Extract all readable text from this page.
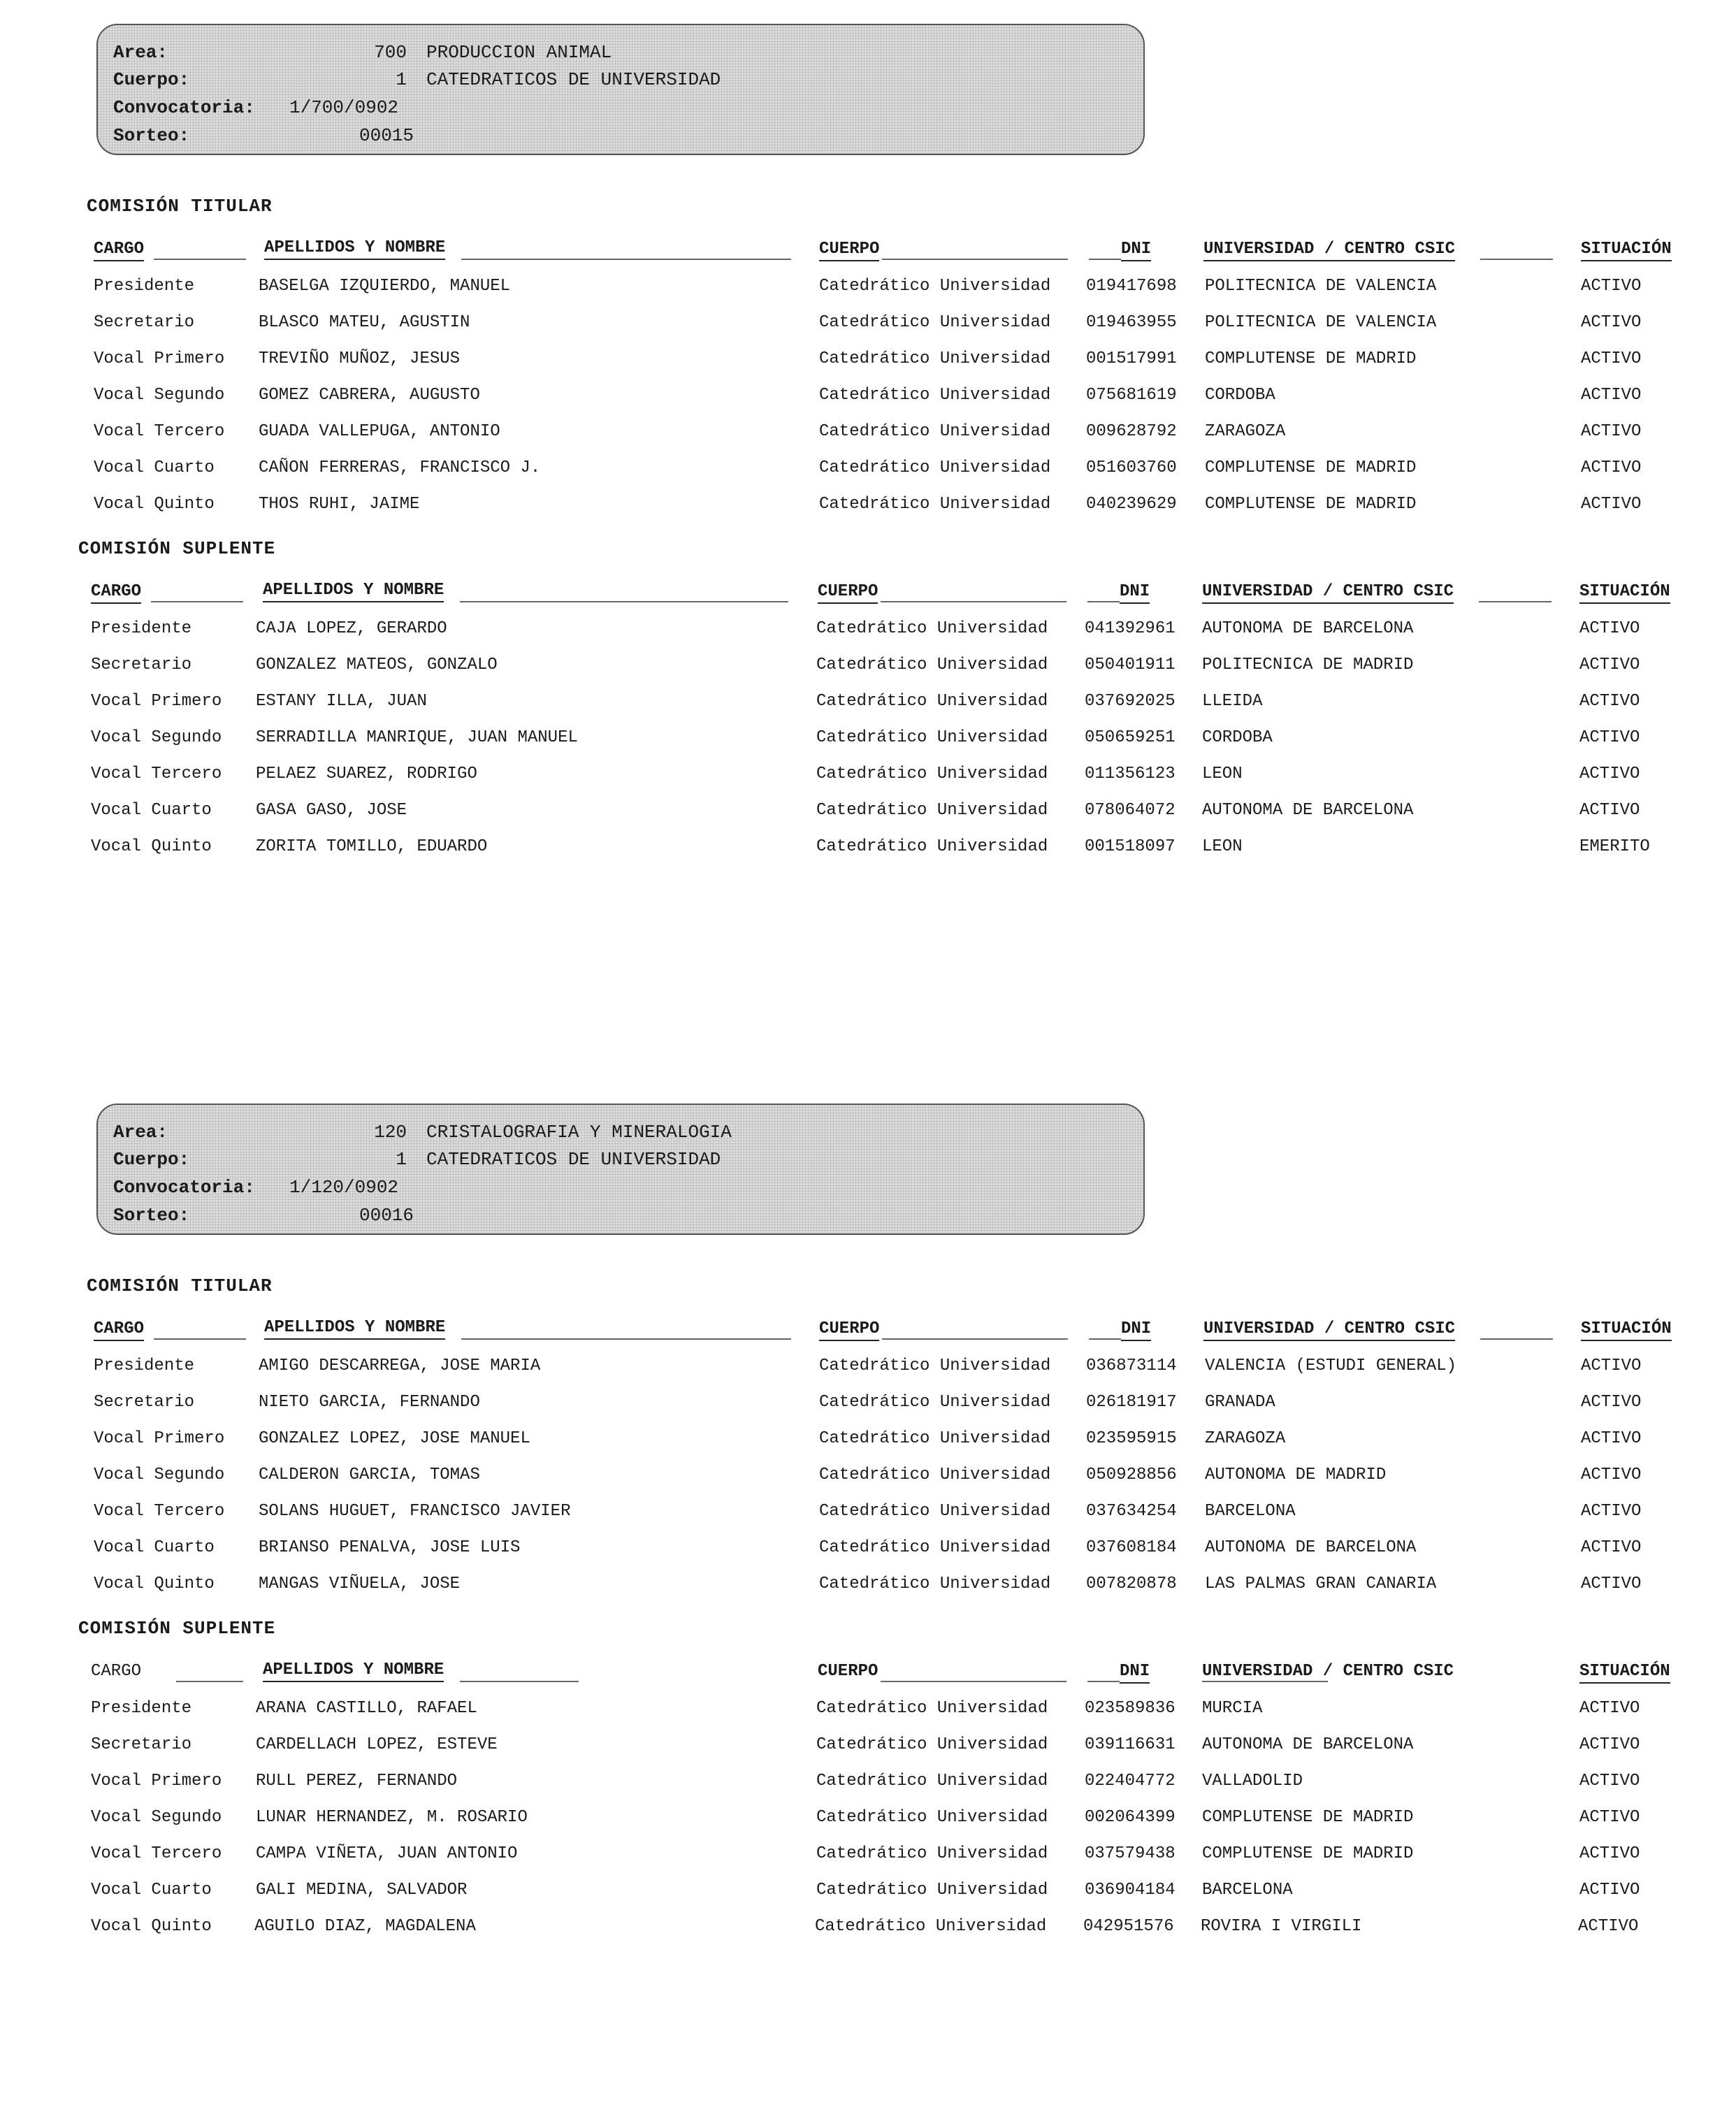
Area:

	700

PRODUCCION ANIMAL

Cuerpo:

	1

CATEDRATICOS DE UNIVERSIDAD

Convocatoria:

1/700/0902

Sorteo:

	00015

COMISIÓN TITULAR
CARGO	APELLIDOS Y NOMBRE	CUERPO	DNI	UNIVERSIDAD / CENTRO CSIC	SITUACIÓN
Presidente	BASELGA IZQUIERDO, MANUEL	Catedrático Universidad 019417698 POLITECNICA DE VALENCIA	ACTIVO
Secretario	BLASCO MATEU, AGUSTIN	Catedrático Universidad 019463955 POLITECNICA DE VALENCIA	ACTIVO
Vocal Primero TREVIÑO MUÑOZ, JESUS	Catedrático Universidad 001517991 COMPLUTENSE DE MADRID	ACTIVO
Vocal Segundo GOMEZ CABRERA, AUGUSTO	Catedrático Universidad 075681619 CORDOBA	ACTIVO
Vocal Tercero GUADA VALLEPUGA, ANTONIO	Catedrático Universidad 009628792 ZARAGOZA	ACTIVO
Vocal Cuarto	CAÑON FERRERAS, FRANCISCO J.	Catedrático Universidad 051603760 COMPLUTENSE DE MADRID	ACTIVO
Vocal Quinto	THOS RUHI, JAIME	Catedrático Universidad 040239629 COMPLUTENSE DE MADRID	ACTIVO
COMISIÓN SUPLENTE
CARGO	APELLIDOS Y NOMBRE	CUERPO	DNI	UNIVERSIDAD / CENTRO CSIC	SITUACIÓN
Presidente	CAJA LOPEZ, GERARDO	Catedrático Universidad 041392961 AUTONOMA DE BARCELONA	ACTIVO
Secretario	GONZALEZ MATEOS, GONZALO	Catedrático Universidad 050401911 POLITECNICA DE MADRID	ACTIVO
Vocal Primero ESTANY ILLA, JUAN	Catedrático Universidad 037692025 LLEIDA	ACTIVO
Vocal Segundo SERRADILLA MANRIQUE, JUAN MANUEL	Catedrático Universidad 050659251 CORDOBA	ACTIVO
Vocal Tercero PELAEZ SUAREZ, RODRIGO	Catedrático Universidad 011356123 LEON	ACTIVO
Vocal Cuarto	GASA GASO, JOSE	Catedrático Universidad 078064072 AUTONOMA DE BARCELONA	ACTIVO
Vocal Quinto	ZORITA TOMILLO, EDUARDO	Catedrático Universidad 001518097 LEON	EMERITO

Area:

	120

CRISTALOGRAFIA Y MINERALOGIA

Cuerpo:

	1

CATEDRATICOS DE UNIVERSIDAD

Convocatoria:

1/120/0902

Sorteo:

	00016

COMISIÓN TITULAR
CARGO	APELLIDOS Y NOMBRE	CUERPO	DNI	UNIVERSIDAD / CENTRO CSIC	SITUACIÓN
Presidente	AMIGO DESCARREGA, JOSE MARIA	Catedrático Universidad 036873114 VALENCIA (ESTUDI GENERAL)	ACTIVO
Secretario	NIETO GARCIA, FERNANDO	Catedrático Universidad 026181917 GRANADA	ACTIVO
Vocal Primero GONZALEZ LOPEZ, JOSE MANUEL	Catedrático Universidad 023595915 ZARAGOZA	ACTIVO
Vocal Segundo CALDERON GARCIA, TOMAS	Catedrático Universidad 050928856 AUTONOMA DE MADRID	ACTIVO
Vocal Tercero SOLANS HUGUET, FRANCISCO JAVIER	Catedrático Universidad 037634254 BARCELONA	ACTIVO
Vocal Cuarto	BRIANSO PENALVA, JOSE LUIS	Catedrático Universidad 037608184 AUTONOMA DE BARCELONA	ACTIVO
Vocal Quinto	MANGAS VIÑUELA, JOSE	Catedrático Universidad 007820878 LAS PALMAS GRAN CANARIA	ACTIVO
COMISIÓN SUPLENTE
CARGO	APELLIDOS Y NOMBRE	CUERPO	DNI	UNIVERSIDAD / CENTRO CSIC	SITUACIÓN
Presidente	ARANA CASTILLO, RAFAEL	Catedrático Universidad 023589836 MURCIA	ACTIVO
Secretario	CARDELLACH LOPEZ, ESTEVE	Catedrático Universidad 039116631 AUTONOMA DE BARCELONA	ACTIVO
Vocal Primero RULL PEREZ, FERNANDO	Catedrático Universidad 022404772 VALLADOLID	ACTIVO
Vocal Segundo LUNAR HERNANDEZ, M. ROSARIO	Catedrático Universidad 002064399 COMPLUTENSE DE MADRID	ACTIVO
Vocal Tercero CAMPA VIÑETA, JUAN ANTONIO	Catedrático Universidad 037579438 COMPLUTENSE DE MADRID	ACTIVO
Vocal Cuarto	GALI MEDINA, SALVADOR	Catedrático Universidad 036904184 BARCELONA	ACTIVO
Vocal Quinto	AGUILO DIAZ, MAGDALENA	Catedrático Universidad 042951576 ROVIRA I VIRGILI	ACTIVO
